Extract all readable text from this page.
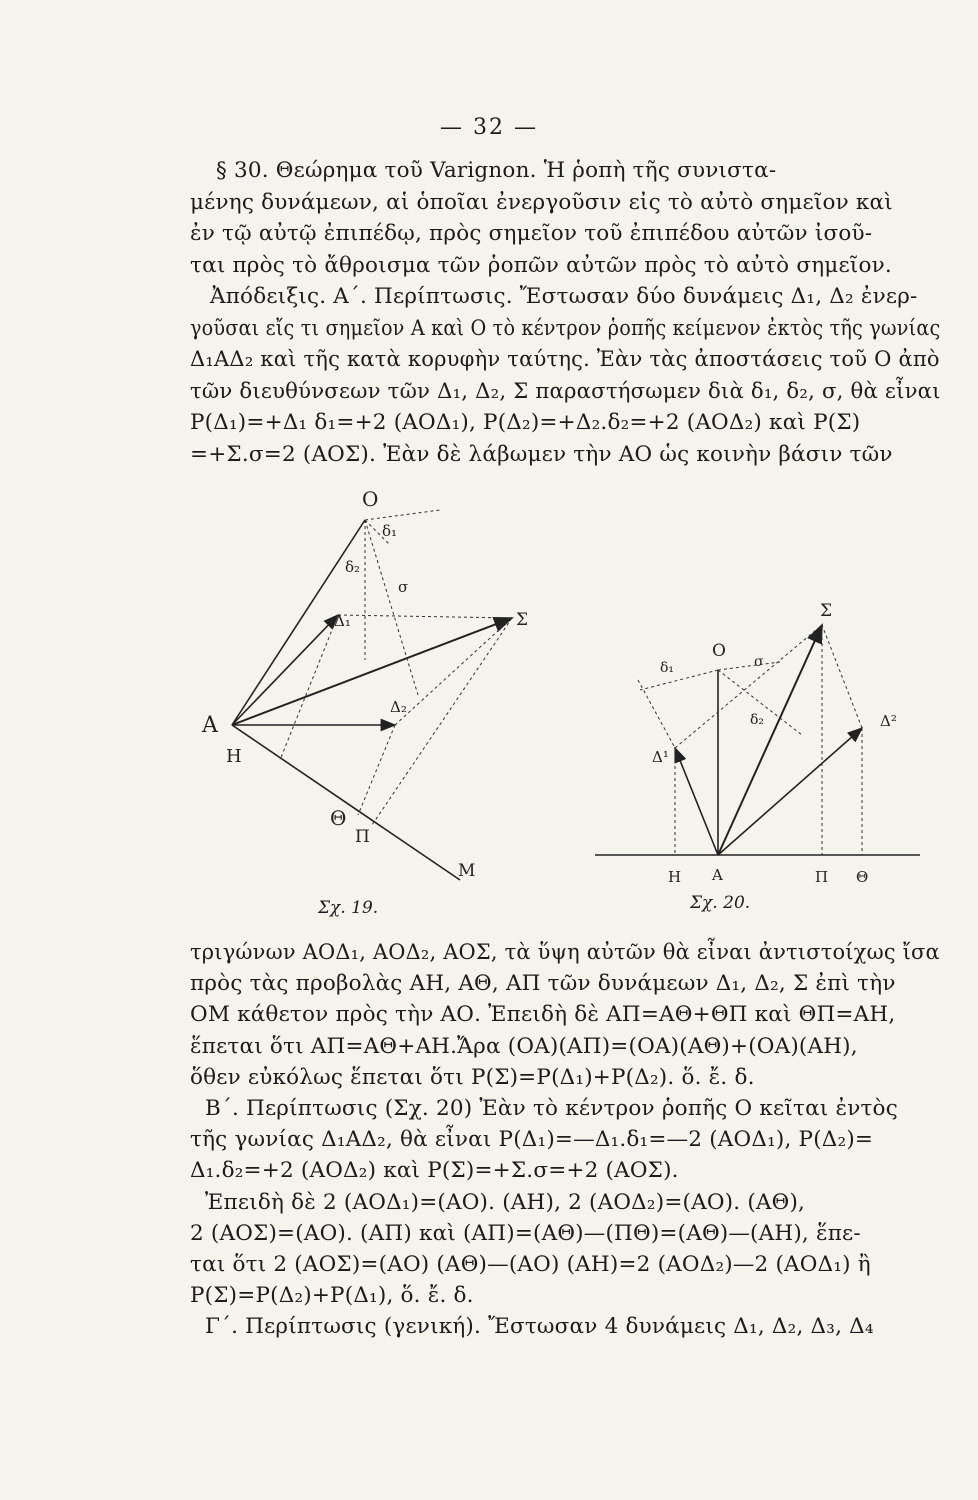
— 32 —
§ 30. Θεώρημα τοῦ Varignon. Ἡ ῥοπὴ τῆς συνιστα-
μένης δυνάμεων, αἱ ὁποῖαι ἐνεργοῦσιν εἰς τὸ αὐτὸ σημεῖον καὶ
ἐν τῷ αὐτῷ ἐπιπέδῳ, πρὸς σημεῖον τοῦ ἐπιπέδου αὐτῶν ἰσοῦ-
ται πρὸς τὸ ἄθροισμα τῶν ῥοπῶν αὐτῶν πρὸς τὸ αὐτὸ σημεῖον.
Ἀπόδειξις. Α΄. Περίπτωσις. Ἔστωσαν δύο δυνάμεις Δ₁, Δ₂ ἐνερ-
γοῦσαι εἴς τι σημεῖον Α καὶ Ο τὸ κέντρον ῥοπῆς κείμενον ἐκτὸς τῆς γωνίας
Δ₁ΑΔ₂ καὶ τῆς κατὰ κορυφὴν ταύτης. Ἐὰν τὰς ἀποστάσεις τοῦ Ο ἀπὸ
τῶν διευθύνσεων τῶν Δ₁, Δ₂, Σ παραστήσωμεν διὰ δ₁, δ₂, σ, θὰ εἶναι
Ρ(Δ₁)=+Δ₁ δ₁=+2 (ΑΟΔ₁), Ρ(Δ₂)=+Δ₂.δ₂=+2 (ΑΟΔ₂) καὶ Ρ(Σ)
=+Σ.σ=2 (ΑΟΣ). Ἐὰν δὲ λάβωμεν τὴν ΑΟ ὡς κοινὴν βάσιν τῶν
Ο
Α
Δ₁
Δ₂
Σ
δ₁
δ₂
σ
Η
Θ
Π
Μ
Σχ. 19.
Ο
Σ
Δ¹
Δ²
δ₁
δ₂
σ
Α
Η	Π Θ
Σχ. 20.
τριγώνων ΑΟΔ₁, ΑΟΔ₂, ΑΟΣ, τὰ ὕψη αὐτῶν θὰ εἶναι ἀντιστοίχως ἴσα
πρὸς τὰς προβολὰς ΑΗ, ΑΘ, ΑΠ τῶν δυνάμεων Δ₁, Δ₂, Σ ἐπὶ τὴν
ΟΜ κάθετον πρὸς τὴν ΑΟ. Ἐπειδὴ δὲ ΑΠ=ΑΘ+ΘΠ καὶ ΘΠ=ΑΗ,
ἕπεται ὅτι ΑΠ=ΑΘ+ΑΗ.Ἄρα (ΟΑ)(ΑΠ)=(ΟΑ)(ΑΘ)+(ΟΑ)(ΑΗ),
ὅθεν εὐκόλως ἕπεται ὅτι Ρ(Σ)=Ρ(Δ₁)+Ρ(Δ₂). ὅ. ἔ. δ.
Β΄. Περίπτωσις (Σχ. 20) Ἐὰν τὸ κέντρον ῥοπῆς Ο κεῖται ἐντὸς
τῆς γωνίας Δ₁ΑΔ₂, θὰ εἶναι Ρ(Δ₁)=—Δ₁.δ₁=—2 (ΑΟΔ₁), Ρ(Δ₂)=
Δ₁.δ₂=+2 (ΑΟΔ₂) καὶ Ρ(Σ)=+Σ.σ=+2 (ΑΟΣ).
Ἐπειδὴ δὲ 2 (ΑΟΔ₁)=(ΑΟ). (ΑΗ), 2 (ΑΟΔ₂)=(ΑΟ). (ΑΘ),
2 (ΑΟΣ)=(ΑΟ). (ΑΠ) καὶ (ΑΠ)=(ΑΘ)—(ΠΘ)=(ΑΘ)—(ΑΗ), ἕπε-
ται ὅτι 2 (ΑΟΣ)=(ΑΟ) (ΑΘ)—(ΑΟ) (ΑΗ)=2 (ΑΟΔ₂)—2 (ΑΟΔ₁) ἢ
Ρ(Σ)=Ρ(Δ₂)+Ρ(Δ₁), ὅ. ἔ. δ.
Γ΄. Περίπτωσις (γενική). Ἔστωσαν 4 δυνάμεις Δ₁, Δ₂, Δ₃, Δ₄
